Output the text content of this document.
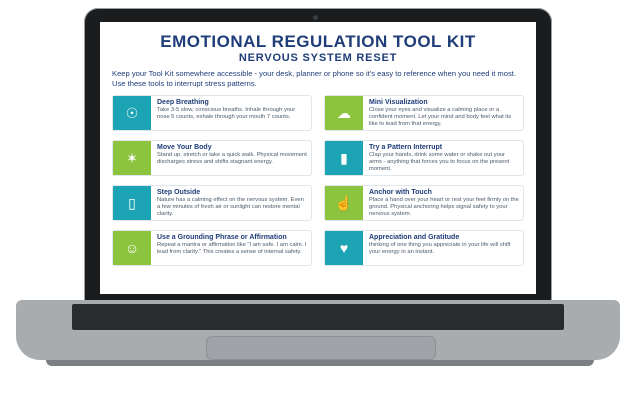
EMOTIONAL REGULATION TOOL KIT
NERVOUS SYSTEM RESET
Keep your Tool Kit somewhere accessible - your desk, planner or phone so it's easy to reference when you need it most. Use these tools to interrupt stress patterns.
☉
Deep Breathing
Take 3-5 slow, conscious breaths. Inhale through your nose 5 counts, exhale through your mouth 7 counts.	☁
Mini Visualization
Close your eyes and visualize a calming place or a confident moment. Let your mind and body feel what its like to lead from that energy.
✶
Move Your Body
Stand up, stretch or take a quick walk. Physical movement discharges stress and shifts stagnant energy.	▮
Try a Pattern Interrupt
Clap your hands, drink some water or shake out your arms - anything that forces you to focus on the present moment.
▯
Step Outside
Nature has a calming effect on the nervous system. Even a few minutes of fresh air or sunlight can restore mental clarity.
☝
Anchor with Touch
Place a hand over your heart or rest your feet firmly on the ground. Physical anchoring helps signal safety to your nervous system.
☺
Use a Grounding Phrase or Affirmation
Repeat a mantra or affirmation like "I am safe. I am calm. I lead from clarity." This creates a sense of internal safety.	♥
Appreciation and Gratitude
thinking of one thing you appreciate in your life will shift your energy in an instant.
